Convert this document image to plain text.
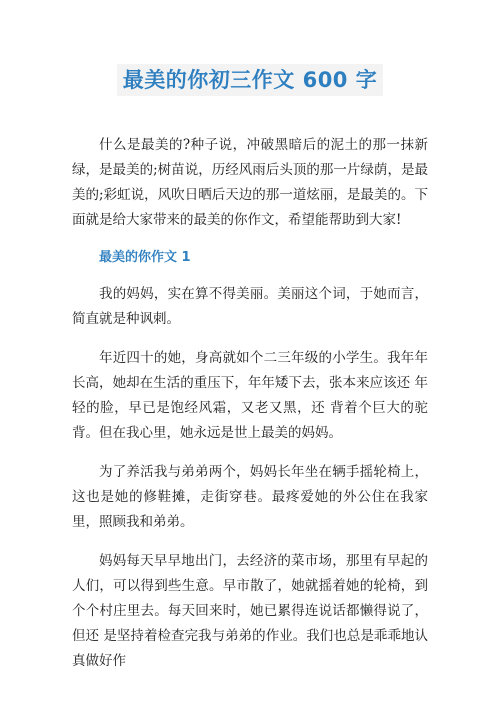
最美的你初三作文 600 字

什么是最美的?种子说，冲破黑暗后的泥土的那一抹新绿，是最美的;树苗说，历经风雨后头顶的那一片绿荫，是最美的;彩虹说，风吹日晒后天边的那一道炫丽，是最美的。下面就是给大家带来的最美的你作文，希望能帮助到大家!

最美的你作文 1

我的妈妈，实在算不得美丽。美丽这个词，于她而言，简直就是种讽刺。

年近四十的她，身高就如个二三年级的小学生。我年年长高，她却在生活的重压下，年年矮下去，张本来应该还 年轻的脸，早已是饱经风霜，又老又黑，还 背着个巨大的驼背。但在我心里，她永远是世上最美的妈妈。

为了养活我与弟弟两个，妈妈长年坐在辆手摇轮椅上，这也是她的修鞋摊，走街穿巷。最疼爱她的外公住在我家里，照顾我和弟弟。

妈妈每天早早地出门，去经济的菜市场，那里有早起的人们，可以得到些生意。早市散了，她就摇着她的轮椅，到个个村庄里去。每天回来时，她已累得连说话都懒得说了，但还 是坚持着检查完我与弟弟的作业。我们也总是乖乖地认真做好作
